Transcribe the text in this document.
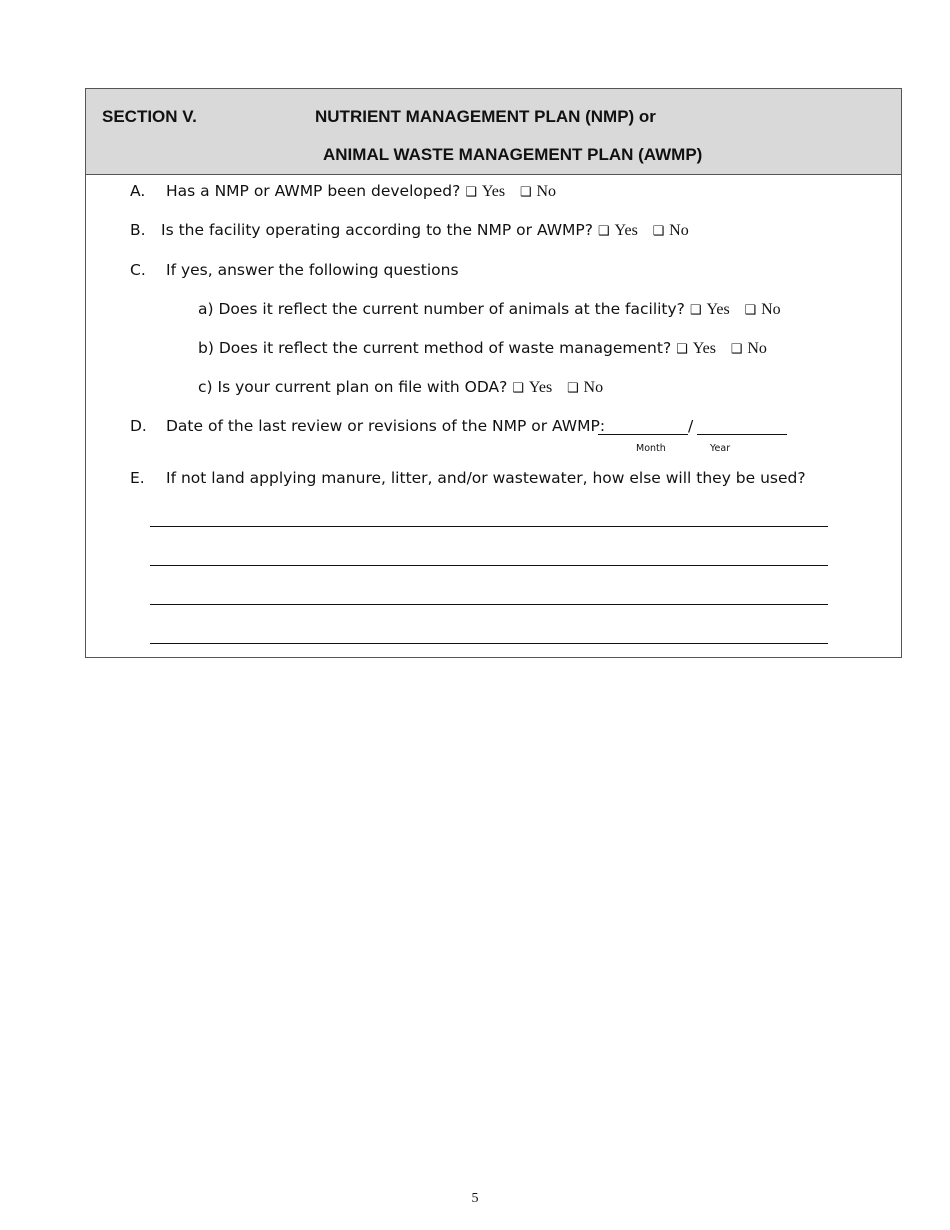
SECTION V.	NUTRIENT MANAGEMENT PLAN (NMP) or
ANIMAL WASTE MANAGEMENT PLAN (AWMP)
A. Has a NMP or AWMP been developed? ❑ Yes ❑ No
B. Is the facility operating according to the NMP or AWMP? ❑ Yes ❑ No
C. If yes, answer the following questions
a) Does it reflect the current number of animals at the facility? ❑ Yes ❑ No
b) Does it reflect the current method of waste management? ❑ Yes ❑ No
c) Is your current plan on file with ODA? ❑ Yes ❑ No
D. Date of the last review or revisions of the NMP or AWMP:	/
Month	Year
E. If not land applying manure, litter, and/or wastewater, how else will they be used?
5
